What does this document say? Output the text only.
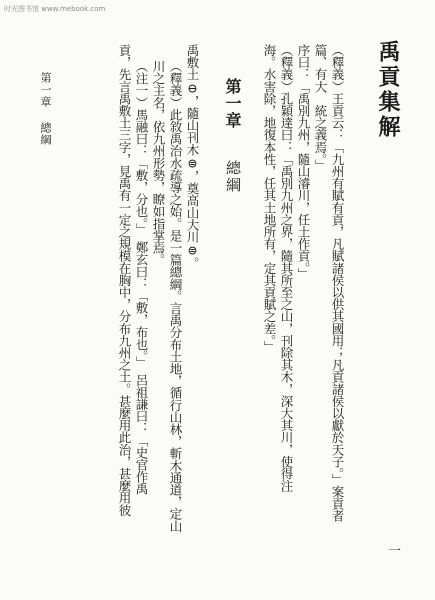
时光图书馆 www.mebook.com
禹貢集解
（釋義）王貢云：「九州有賦有貢，凡賦諸侯以供其國用；凡貢諸侯以獻於天子。」案貢者
篇、有大　統之義焉。」
序曰：「禹別九州，隨山濬川，任土作貢。」
（釋義）孔穎達曰：「禹別九州之界，隨其所至之山，刊除其木，深大其川，使得注
海。水害除，地復本性，任其土地所有，定其貢賦之差。」
禹敷土⊖，隨山刊木⊜，奠高山大川⊜。
（釋義）此敘禹治水疏導之始。是一篇總綱。言禹分布土地，循行山林，斬木通道，定山
川之主名，依九州形勢，瞭如指掌焉。
（注一）馬融曰：「敷，分也。」　鄭玄曰：「敷，布也。」　呂祖謙曰：「史官作禹
貢，先言禹敷土三字，見禹有一定之規模在胸中，分布九州之土。甚麼用此治，甚麼用彼	第一章
總綱
第一章總綱
一
